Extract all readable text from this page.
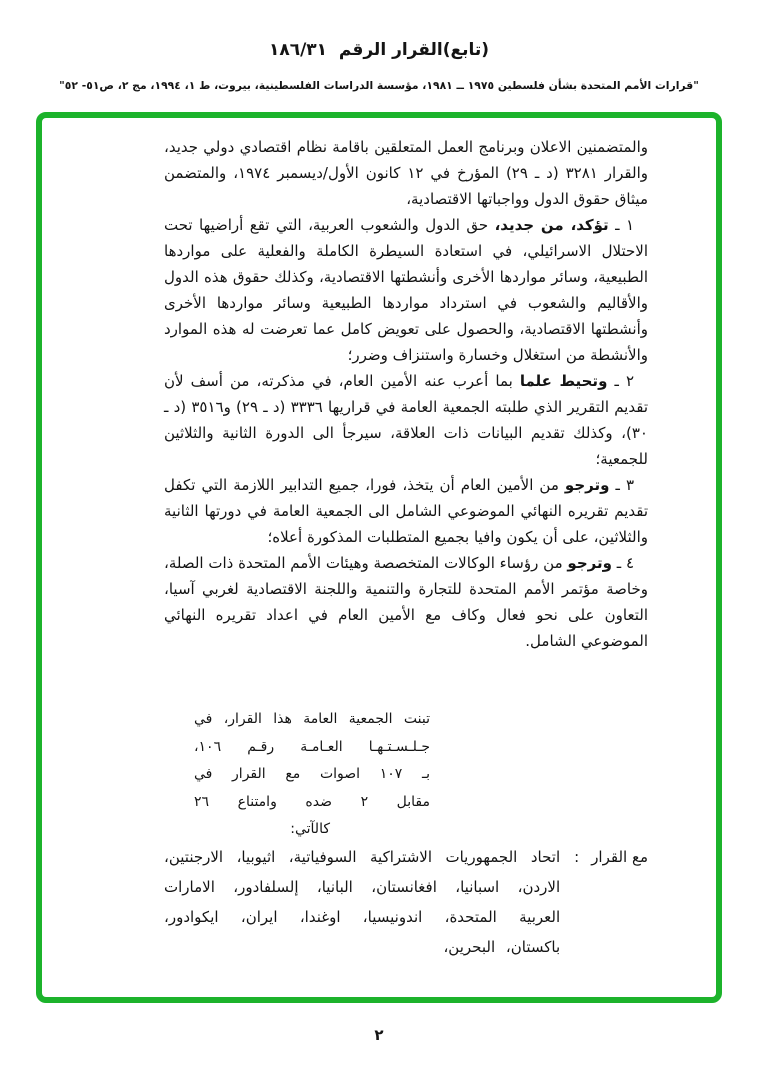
(تابع)القرار الرقم  ١٨٦/٣١
"قرارات الأمم المتحدة بشأن فلسطين ١٩٧٥ ــ ١٩٨١، مؤسسة الدراسات الفلسطينية، بيروت، ط ١، ١٩٩٤، مج ٢، ص٥١- ٥٢"

والمتضمنين الاعلان وبرنامج العمل المتعلقين باقامة نظام اقتصادي دولي جديد، والقرار ٣٢٨١ (د ـ ٢٩) المؤرخ في ١٢ كانون الأول/ديسمبر ١٩٧٤، والمتضمن ميثاق حقوق الدول وواجباتها الاقتصادية،

١ ـ تؤكد، من جديد، حق الدول والشعوب العربية، التي تقع أراضيها تحت الاحتلال الاسرائيلي، في استعادة السيطرة الكاملة والفعلية على مواردها الطبيعية، وسائر مواردها الأخرى وأنشطتها الاقتصادية، وكذلك حقوق هذه الدول والأقاليم والشعوب في استرداد مواردها الطبيعية وسائر مواردها الأخرى وأنشطتها الاقتصادية، والحصول على تعويض كامل عما تعرضت له هذه الموارد والأنشطة من استغلال وخسارة واستنزاف وضرر؛

٢ ـ وتحيط علما بما أعرب عنه الأمين العام، في مذكرته، من أسف لأن تقديم التقرير الذي طلبته الجمعية العامة في قراريها ٣٣٣٦ (د ـ ٢٩) و٣٥١٦ (د ـ ٣٠)، وكذلك تقديم البيانات ذات العلاقة، سيرجأ الى الدورة الثانية والثلاثين للجمعية؛

٣ ـ وترجو من الأمين العام أن يتخذ، فورا، جميع التدابير اللازمة التي تكفل تقديم تقريره النهائي الموضوعي الشامل الى الجمعية العامة في دورتها الثانية والثلاثين، على أن يكون وافيا بجميع المتطلبات المذكورة أعلاه؛

٤ ـ وترجو من رؤساء الوكالات المتخصصة وهيئات الأمم المتحدة ذات الصلة، وخاصة مؤتمر الأمم المتحدة للتجارة والتنمية واللجنة الاقتصادية لغربي آسيا، التعاون على نحو فعال وكاف مع الأمين العام في اعداد تقريره النهائي الموضوعي الشامل.

تبنت الجمعية العامة هذا القرار، في
جـلـسـتـهـا العـامـة رقـم ١٠٦،
بـ ١٠٧ اصوات مع القرار في
مقابل ٢ ضده وامتناع ٢٦
كالآتي:
مع القرار
:
اتحاد الجمهوريات الاشتراكية السوفياتية، اثيوبيا، الارجنتين، الاردن، اسبانيا، افغانستان، البانيا، إلسلفادور، الامارات العربية المتحدة، اندونيسيا، اوغندا، ايران، ايكوادور، باكستان، البحرين،
٢
